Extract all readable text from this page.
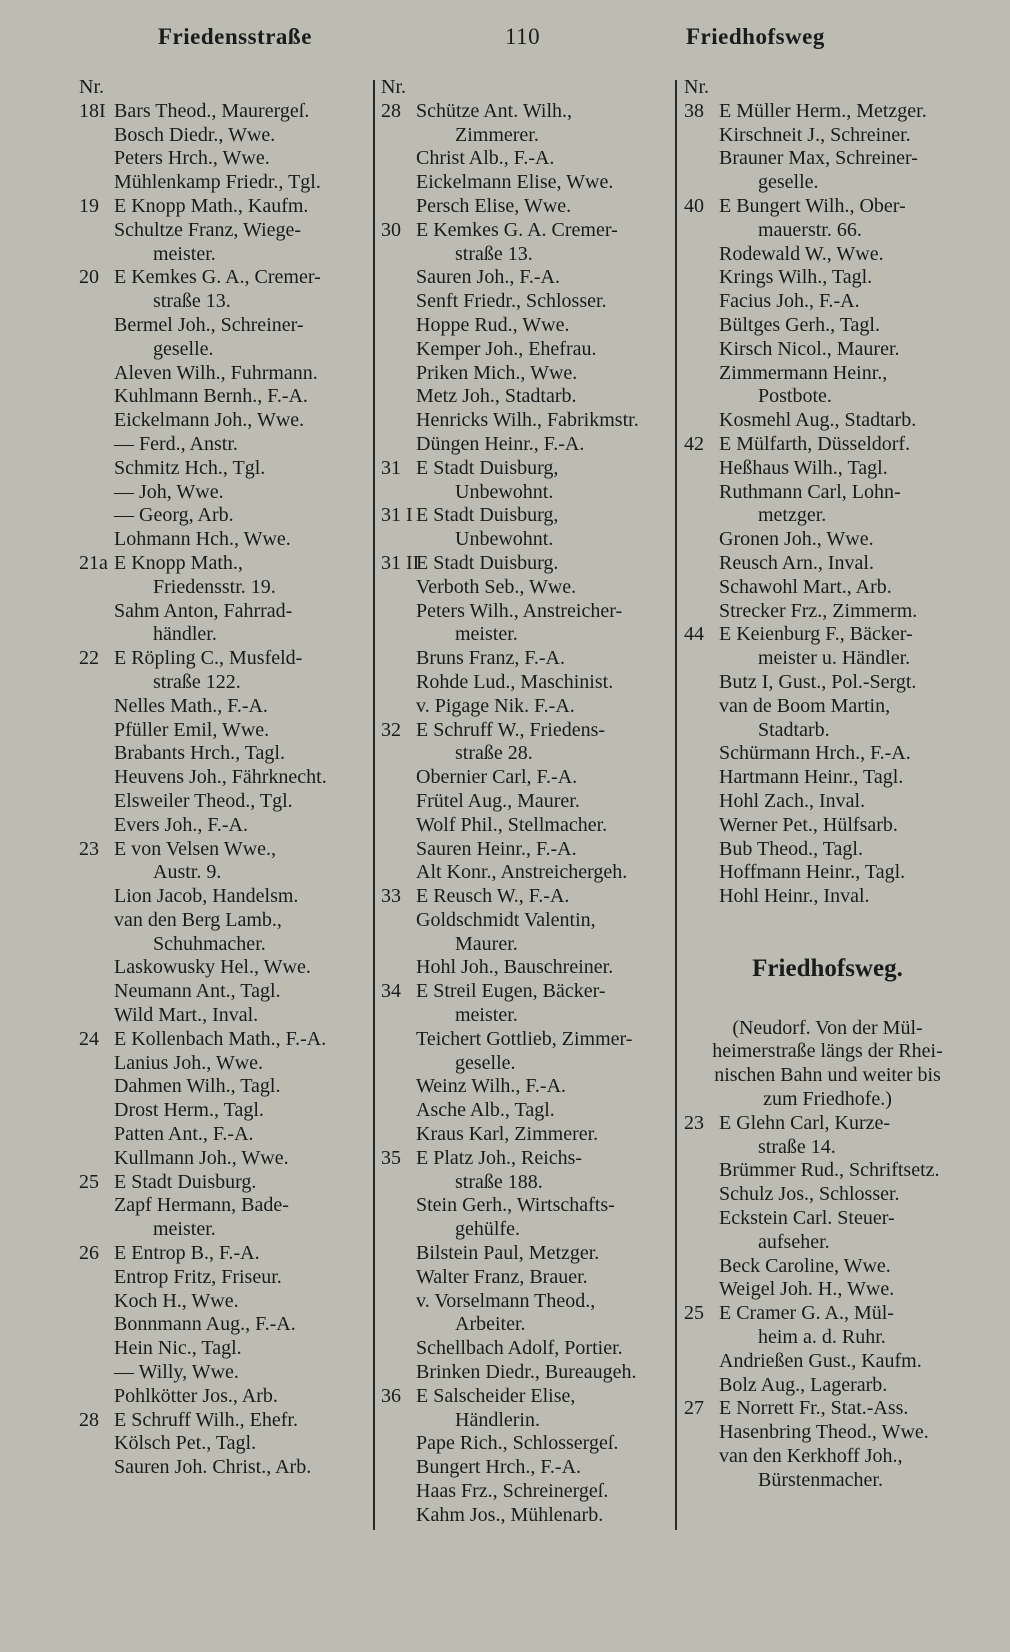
Friedensstraße	110	Friedhofsweg
Nr.
18I Bars Theod., Maurergeſ.
Bosch Diedr., Wwe.
Peters Hrch., Wwe.
Mühlenkamp Friedr., Tgl.
19 E Knopp Math., Kaufm.
Schultze Franz, Wiege-
meister.
20 E Kemkes G. A., Cremer-
straße 13.
Bermel Joh., Schreiner-
geselle.
Aleven Wilh., Fuhrmann.
Kuhlmann Bernh., F.-A.
Eickelmann Joh., Wwe.
— Ferd., Anstr.
Schmitz Hch., Tgl.
— Joh, Wwe.
— Georg, Arb.
Lohmann Hch., Wwe.
21a E Knopp Math.,
Friedensstr. 19.
Sahm Anton, Fahrrad-
händler.
22 E Röpling C., Musfeld-
straße 122.
Nelles Math., F.-A.
Pfüller Emil, Wwe.
Brabants Hrch., Tagl.
Heuvens Joh., Fährknecht.
Elsweiler Theod., Tgl.
Evers Joh., F.-A.
23 E von Velsen Wwe.,
Austr. 9.
Lion Jacob, Handelsm.
van den Berg Lamb.,
Schuhmacher.
Laskowusky Hel., Wwe.
Neumann Ant., Tagl.
Wild Mart., Inval.
24 E Kollenbach Math., F.-A.
Lanius Joh., Wwe.
Dahmen Wilh., Tagl.
Drost Herm., Tagl.
Patten Ant., F.-A.
Kullmann Joh., Wwe.
25 E Stadt Duisburg.
Zapf Hermann, Bade-
meister.
26 E Entrop B., F.-A.
Entrop Fritz, Friseur.
Koch H., Wwe.
Bonnmann Aug., F.-A.
Hein Nic., Tagl.
— Willy, Wwe.
Pohlkötter Jos., Arb.
28 E Schruff Wilh., Ehefr.
Kölsch Pet., Tagl.
Sauren Joh. Christ., Arb.
Nr.
28 Schütze Ant. Wilh.,
Zimmerer.
Christ Alb., F.-A.
Eickelmann Elise, Wwe.
Persch Elise, Wwe.
30 E Kemkes G. A. Cremer-
straße 13.
Sauren Joh., F.-A.
Senft Friedr., Schlosser.
Hoppe Rud., Wwe.
Kemper Joh., Ehefrau.
Priken Mich., Wwe.
Metz Joh., Stadtarb.
Henricks Wilh., Fabrikmstr.
Düngen Heinr., F.-A.
31 E Stadt Duisburg,
Unbewohnt.
31 I E Stadt Duisburg,
Unbewohnt.
31 II
E Stadt Duisburg.
Verboth Seb., Wwe.
Peters Wilh., Anstreicher-
meister.
Bruns Franz, F.-A.
Rohde Lud., Maschinist.
v. Pigage Nik. F.-A.
32 E Schruff W., Friedens-
straße 28.
Obernier Carl, F.-A.
Frütel Aug., Maurer.
Wolf Phil., Stellmacher.
Sauren Heinr., F.-A.
Alt Konr., Anstreichergeh.
33 E Reusch W., F.-A.
Goldschmidt Valentin,
Maurer.
Hohl Joh., Bauschreiner.
34 E Streil Eugen, Bäcker-
meister.
Teichert Gottlieb, Zimmer-
geselle.
Weinz Wilh., F.-A.
Asche Alb., Tagl.
Kraus Karl, Zimmerer.
35 E Platz Joh., Reichs-
straße 188.
Stein Gerh., Wirtschafts-
gehülfe.
Bilstein Paul, Metzger.
Walter Franz, Brauer.
v. Vorselmann Theod.,
Arbeiter.
Schellbach Adolf, Portier.
Brinken Diedr., Bureaugeh.
36 E Salscheider Elise,
Händlerin.
Pape Rich., Schlossergeſ.
Bungert Hrch., F.-A.
Haas Frz., Schreinergeſ.
Kahm Jos., Mühlenarb.
Nr.
38 E Müller Herm., Metzger.
Kirschneit J., Schreiner.
Brauner Max, Schreiner-
geselle.
40 E Bungert Wilh., Ober-
mauerstr. 66.
Rodewald W., Wwe.
Krings Wilh., Tagl.
Facius Joh., F.-A.
Bültges Gerh., Tagl.
Kirsch Nicol., Maurer.
Zimmermann Heinr.,
Postbote.
Kosmehl Aug., Stadtarb.
42 E Mülfarth, Düsseldorf.
Heßhaus Wilh., Tagl.
Ruthmann Carl, Lohn-
metzger.
Gronen Joh., Wwe.
Reusch Arn., Inval.
Schawohl Mart., Arb.
Strecker Frz., Zimmerm.
44 E Keienburg F., Bäcker-
meister u. Händler.
Butz I, Gust., Pol.-Sergt.
van de Boom Martin,
Stadtarb.
Schürmann Hrch., F.-A.
Hartmann Heinr., Tagl.
Hohl Zach., Inval.
Werner Pet., Hülfsarb.
Bub Theod., Tagl.
Hoffmann Heinr., Tagl.
Hohl Heinr., Inval.
Friedhofsweg.
(Neudorf. Von der Mül-
heimerstraße längs der Rhei-
nischen Bahn und weiter bis
zum Friedhofe.)
23 E Glehn Carl, Kurze-
straße 14.
Brümmer Rud., Schriftsetz.
Schulz Jos., Schlosser.
Eckstein Carl. Steuer-
aufseher.
Beck Caroline, Wwe.
Weigel Joh. H., Wwe.
25 E Cramer G. A., Mül-
heim a. d. Ruhr.
Andrießen Gust., Kaufm.
Bolz Aug., Lagerarb.
27 E Norrett Fr., Stat.-Ass.
Hasenbring Theod., Wwe.
van den Kerkhoff Joh.,
Bürstenmacher.
